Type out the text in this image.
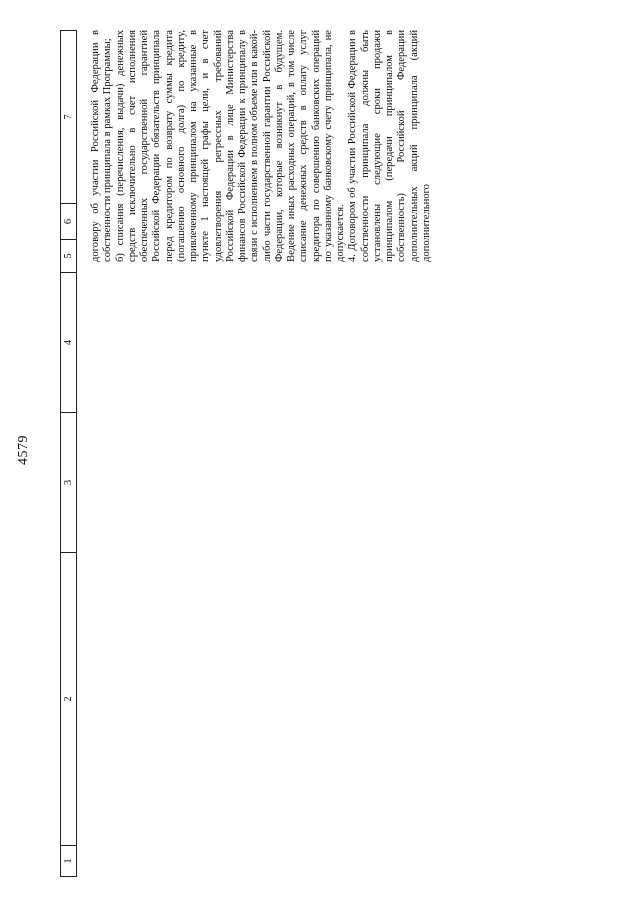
4579
1
2
3
4
5
6
7 договору об участии Российской Федерации в собственности принципала в рамках Программы; б) списания (перечисления, выдачи) денежных средств исключительно в счет исполнения обеспеченных государственной гарантией Российской Федерации обязательств принципала перед кредитором по возврату суммы кредита (погашению основного долга) по кредиту, привлеченному принципалом на указанные в пункте 1 настоящей графы цели, и в счет удовлетворения регрессных требований Российской Федерации в лице Министерства финансов Российской Федерации к принципалу в связи с исполнением в полном объеме или в какой-либо части государственной гарантии Российской Федерации, которые возникнут в будущем. Ведение иных расходных операций, в том числе списание денежных средств в оплату услуг кредитора по совершению банковских операций по указанному банковскому счету принципала, не допускается. 4. Договором об участии Российской Федерации в собственности принципала должны быть установлены следующие сроки продажи принципалом (передачи принципалом в собственность) Российской Федерации дополнительных акций принципала (акций дополнительного
